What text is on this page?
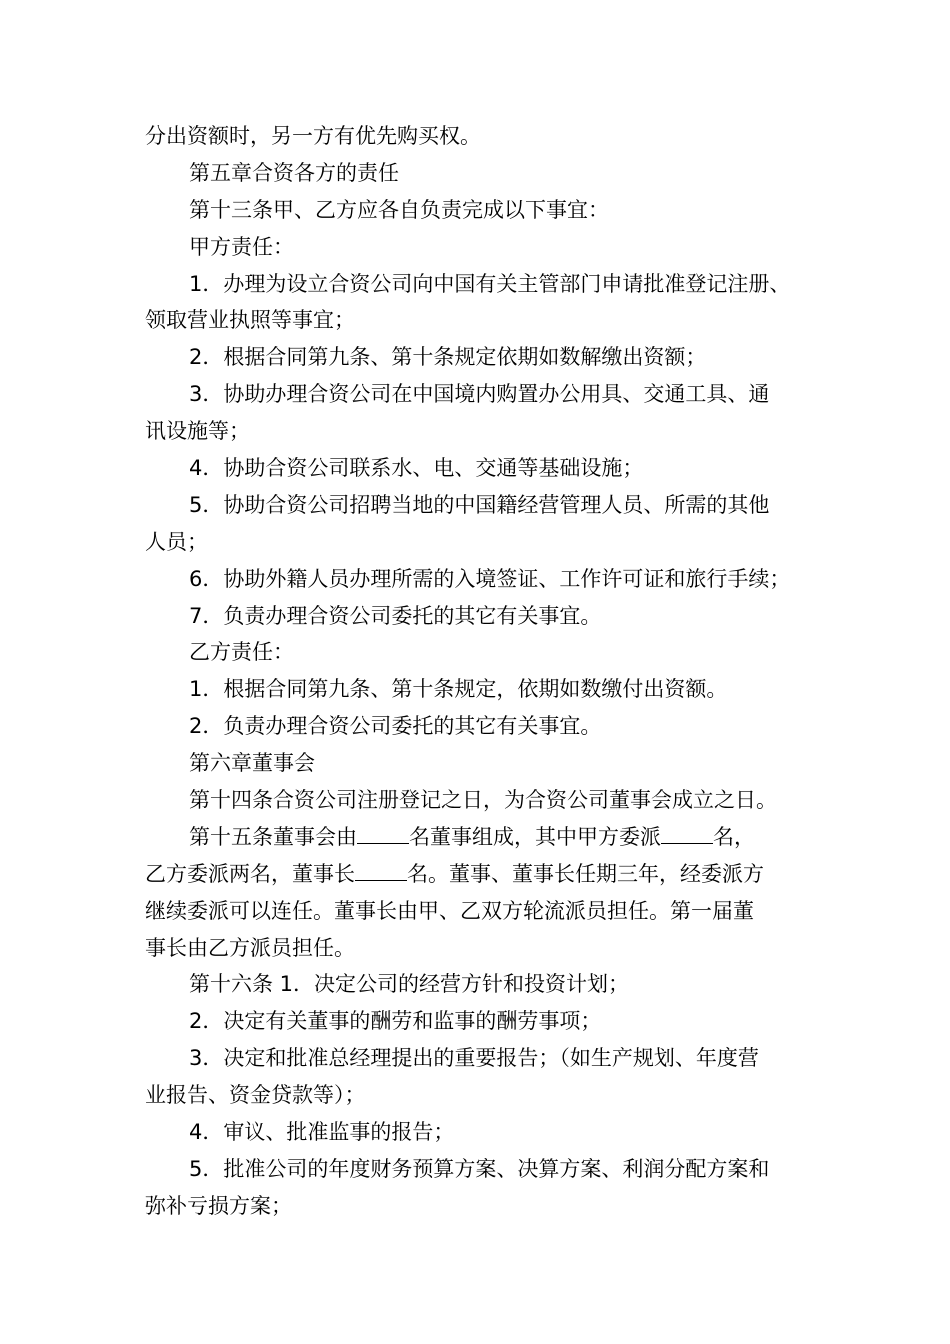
分出资额时，另一方有优先购买权。

第五章合资各方的责任

第十三条甲、乙方应各自负责完成以下事宜：

甲方责任：

1．办理为设立合资公司向中国有关主管部门申请批准登记注册、

领取营业执照等事宜；

2．根据合同第九条、第十条规定依期如数解缴出资额；

3．协助办理合资公司在中国境内购置办公用具、交通工具、通

讯设施等；

4．协助合资公司联系水、电、交通等基础设施；

5．协助合资公司招聘当地的中国籍经营管理人员、所需的其他

人员；

6．协助外籍人员办理所需的入境签证、工作许可证和旅行手续；

7．负责办理合资公司委托的其它有关事宜。

乙方责任：

1．根据合同第九条、第十条规定，依期如数缴付出资额。

2．负责办理合资公司委托的其它有关事宜。

第六章董事会

第十四条合资公司注册登记之日，为合资公司董事会成立之日。

第十五条董事会由 名董事组成，其中甲方委派 名，

乙方委派两名，董事长 名。董事、董事长任期三年，经委派方

继续委派可以连任。董事长由甲、乙双方轮流派员担任。第一届董

事长由乙方派员担任。

第十六条 1．决定公司的经营方针和投资计划；

2．决定有关董事的酬劳和监事的酬劳事项；

3．决定和批准总经理提出的重要报告；（如生产规划、年度营

业报告、资金贷款等）；

4．审议、批准监事的报告；

5．批准公司的年度财务预算方案、决算方案、利润分配方案和

弥补亏损方案；
